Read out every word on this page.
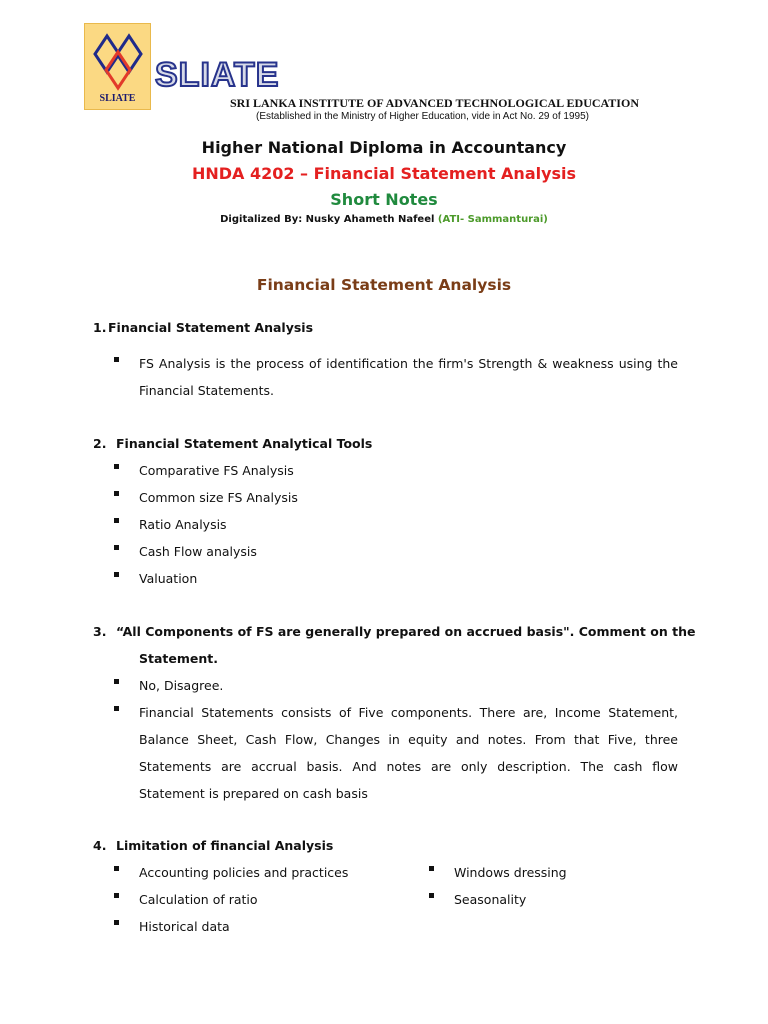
SLIATE
SLIATE
SRI LANKA INSTITUTE OF ADVANCED TECHNOLOGICAL EDUCATION
(Established in the Ministry of Higher Education, vide in Act No. 29 of 1995)
Higher National Diploma in Accountancy
HNDA 4202 – Financial Statement Analysis
Short Notes
Digitalized By: Nusky Ahameth Nafeel (ATI- Sammanturai)
Financial Statement Analysis
1. Financial Statement Analysis
FS Analysis is the process of identification the firm's Strength & weakness using the Financial Statements.
2. Financial Statement Analytical Tools
Comparative FS Analysis
Common size FS Analysis
Ratio Analysis
Cash Flow analysis
Valuation
3. “All Components of FS are generally prepared on accrued basis". Comment on the
Statement.
No, Disagree.
Financial Statements consists of Five components. There are, Income Statement, Balance Sheet, Cash Flow, Changes in equity and notes. From that Five, three Statements are accrual basis. And notes are only description. The cash flow Statement is prepared on cash basis
4. Limitation of financial Analysis
Accounting policies and practices
Calculation of ratio
Historical data
Windows dressing
Seasonality
